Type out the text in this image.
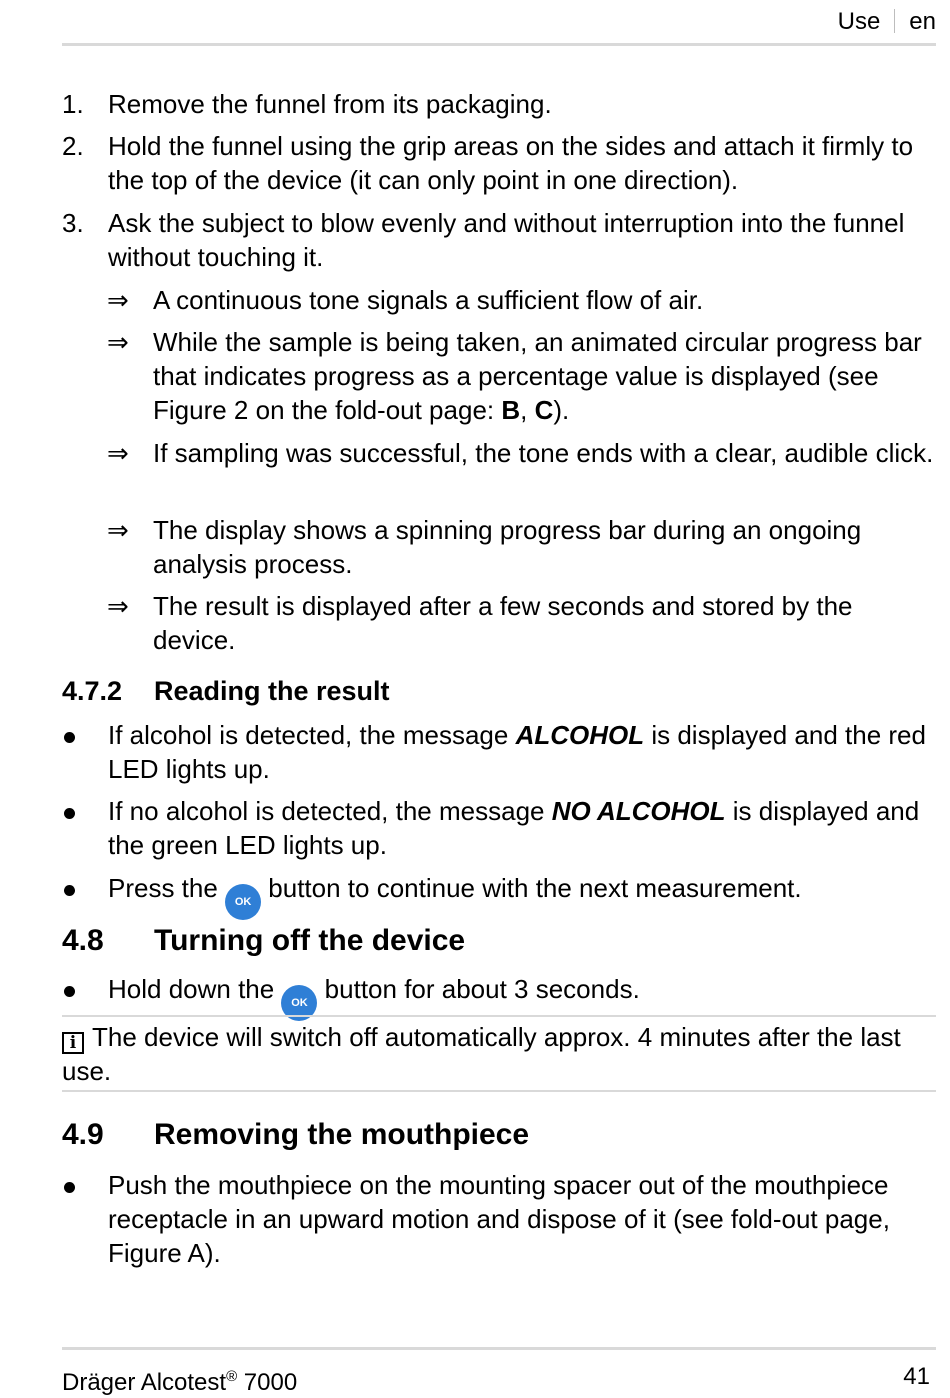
Use en
1. Remove the funnel from its packaging.
2. Hold the funnel using the grip areas on the sides and attach it firmly to the top of the device (it can only point in one direction).
3. Ask the subject to blow evenly and without interruption into the funnel without touching it.
⇒ A continuous tone signals a sufficient flow of air.
⇒ While the sample is being taken, an animated circular progress bar that indicates progress as a percentage value is displayed (see Figure 2 on the fold-out page: B, C).
⇒ If sampling was successful, the tone ends with a clear, audible click.
⇒ The display shows a spinning progress bar during an ongoing analysis process.
⇒ The result is displayed after a few seconds and stored by the device.
4.7.2 Reading the result
If alcohol is detected, the message ALCOHOL is displayed and the red LED lights up.
If no alcohol is detected, the message NO ALCOHOL is displayed and the green LED lights up.
Press the OK button to continue with the next measurement.
4.8 Turning off the device
Hold down the OK button for about 3 seconds.
i The device will switch off automatically approx. 4 minutes after the last use.
4.9 Removing the mouthpiece
Push the mouthpiece on the mounting spacer out of the mouthpiece receptacle in an upward motion and dispose of it (see fold-out page, Figure A).
Dräger Alcotest® 7000	41
